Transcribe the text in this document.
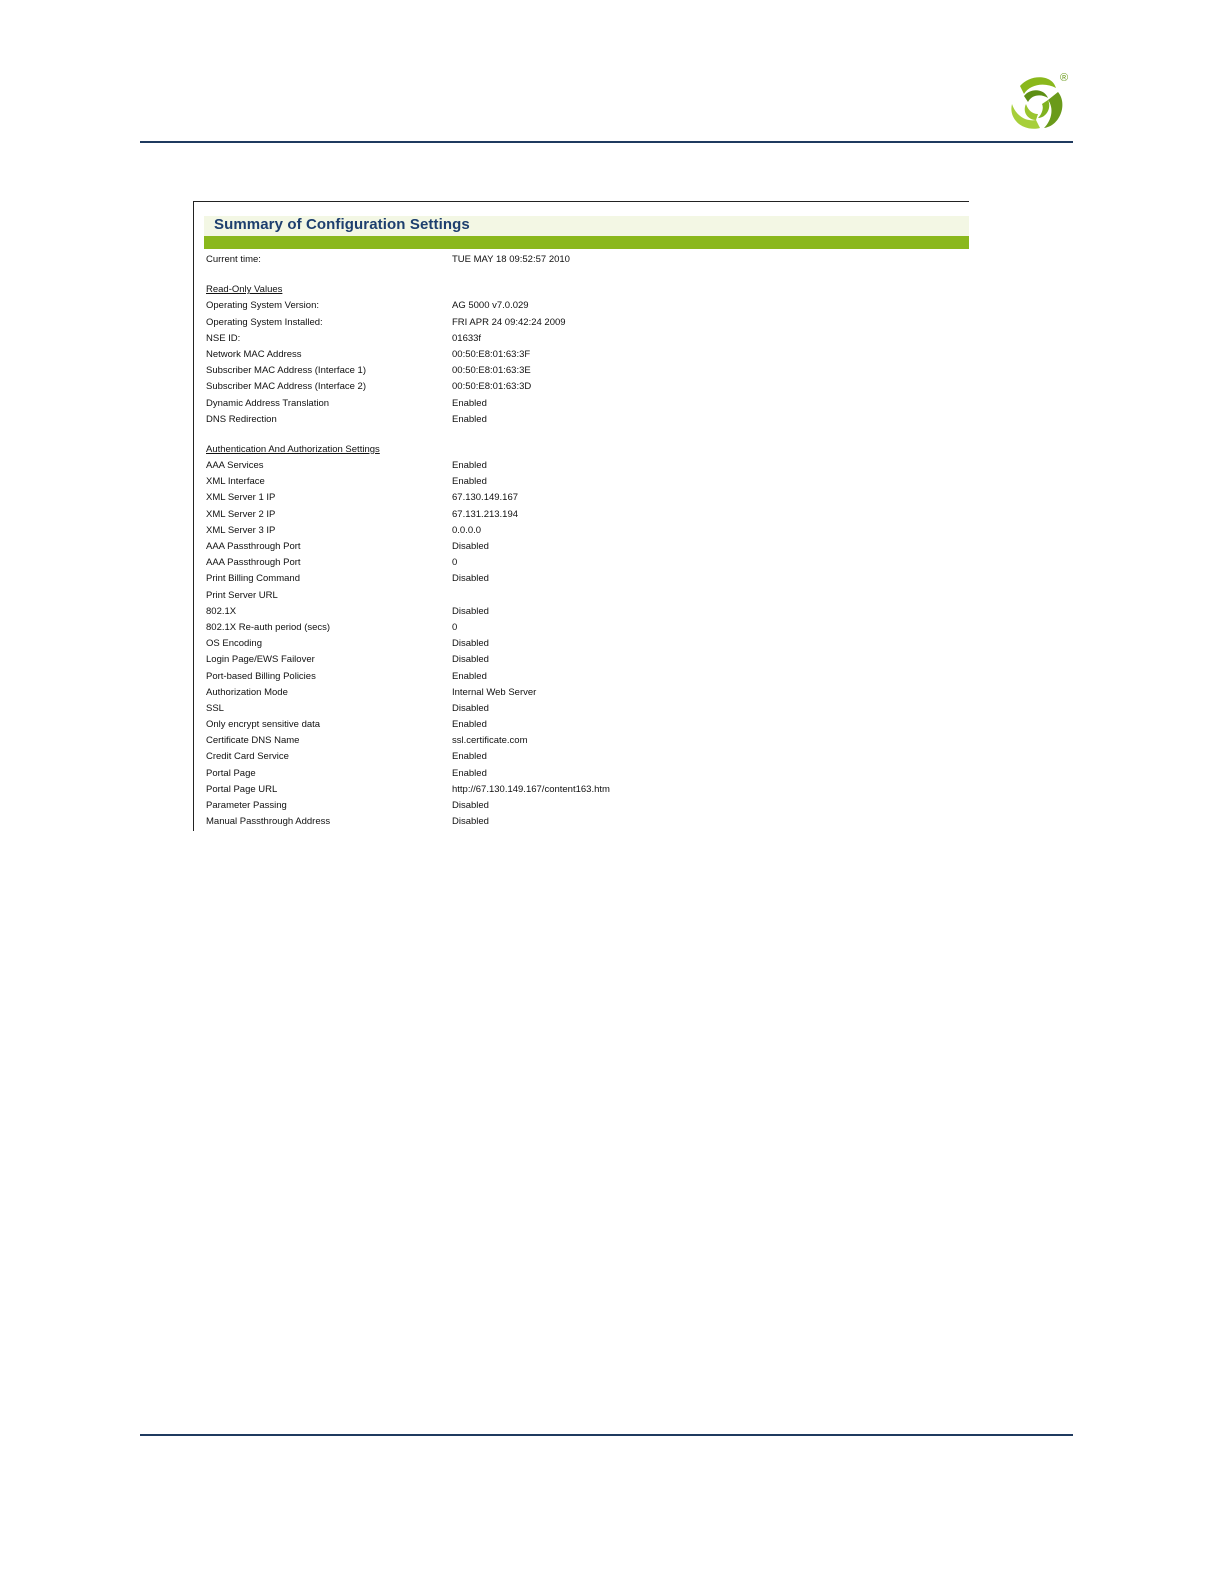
®
Summary of Configuration Settings
Current time:	TUE MAY 18 09:52:57 2010
Read-Only Values
Operating System Version:	AG 5000 v7.0.029
Operating System Installed:	FRI APR 24 09:42:24 2009
NSE ID:	01633f
Network MAC Address	00:50:E8:01:63:3F
Subscriber MAC Address (Interface 1)	00:50:E8:01:63:3E
Subscriber MAC Address (Interface 2)	00:50:E8:01:63:3D
Dynamic Address Translation	Enabled
DNS Redirection	Enabled
Authentication And Authorization Settings
AAA Services	Enabled
XML Interface	Enabled
XML Server 1 IP	67.130.149.167
XML Server 2 IP	67.131.213.194
XML Server 3 IP	0.0.0.0
AAA Passthrough Port	Disabled
AAA Passthrough Port	0
Print Billing Command	Disabled
Print Server URL
802.1X	Disabled
802.1X Re-auth period (secs)	0
OS Encoding	Disabled
Login Page/EWS Failover	Disabled
Port-based Billing Policies	Enabled
Authorization Mode	Internal Web Server
SSL	Disabled
Only encrypt sensitive data	Enabled
Certificate DNS Name	ssl.certificate.com
Credit Card Service	Enabled
Portal Page	Enabled
Portal Page URL	http://67.130.149.167/content163.htm
Parameter Passing	Disabled
Manual Passthrough Address	Disabled
